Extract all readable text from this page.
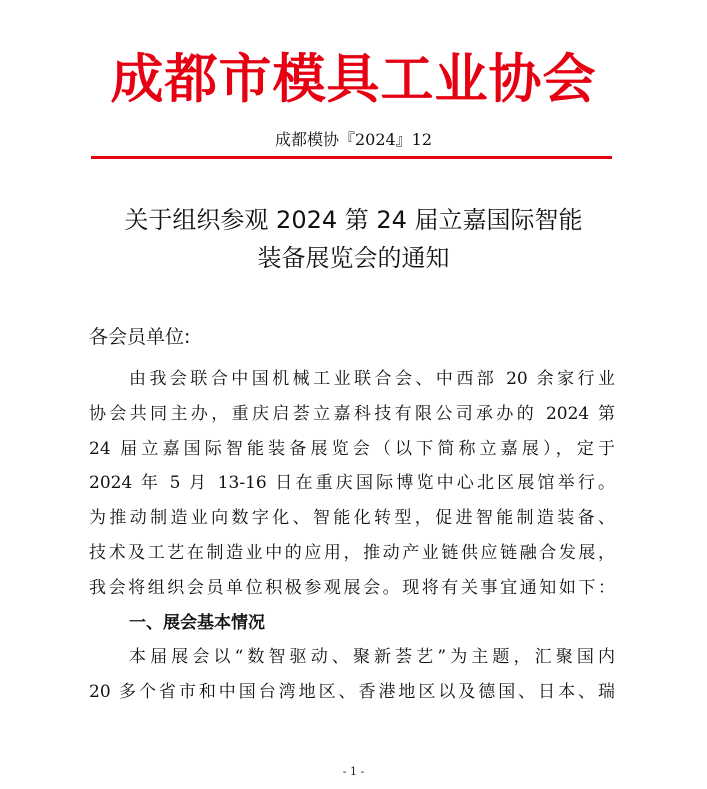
成都市模具工业协会
成都模协『2024』12
关于组织参观 2024 第 24 届立嘉国际智能
装备展览会的通知
各会员单位:
由我会联合中国机械工业联合会、中西部 20 余家行业
协会共同主办，重庆启荟立嘉科技有限公司承办的 2024 第
24 届立嘉国际智能装备展览会（以下简称立嘉展），定于
2024 年 5 月 13-16 日在重庆国际博览中心北区展馆举行。
为推动制造业向数字化、智能化转型，促进智能制造装备、
技术及工艺在制造业中的应用，推动产业链供应链融合发展，
我会将组织会员单位积极参观展会。现将有关事宜通知如下：
一、展会基本情况
本届展会以“数智驱动、聚新荟艺”为主题，汇聚国内
20 多个省市和中国台湾地区、香港地区以及德国、日本、瑞
- 1 -
